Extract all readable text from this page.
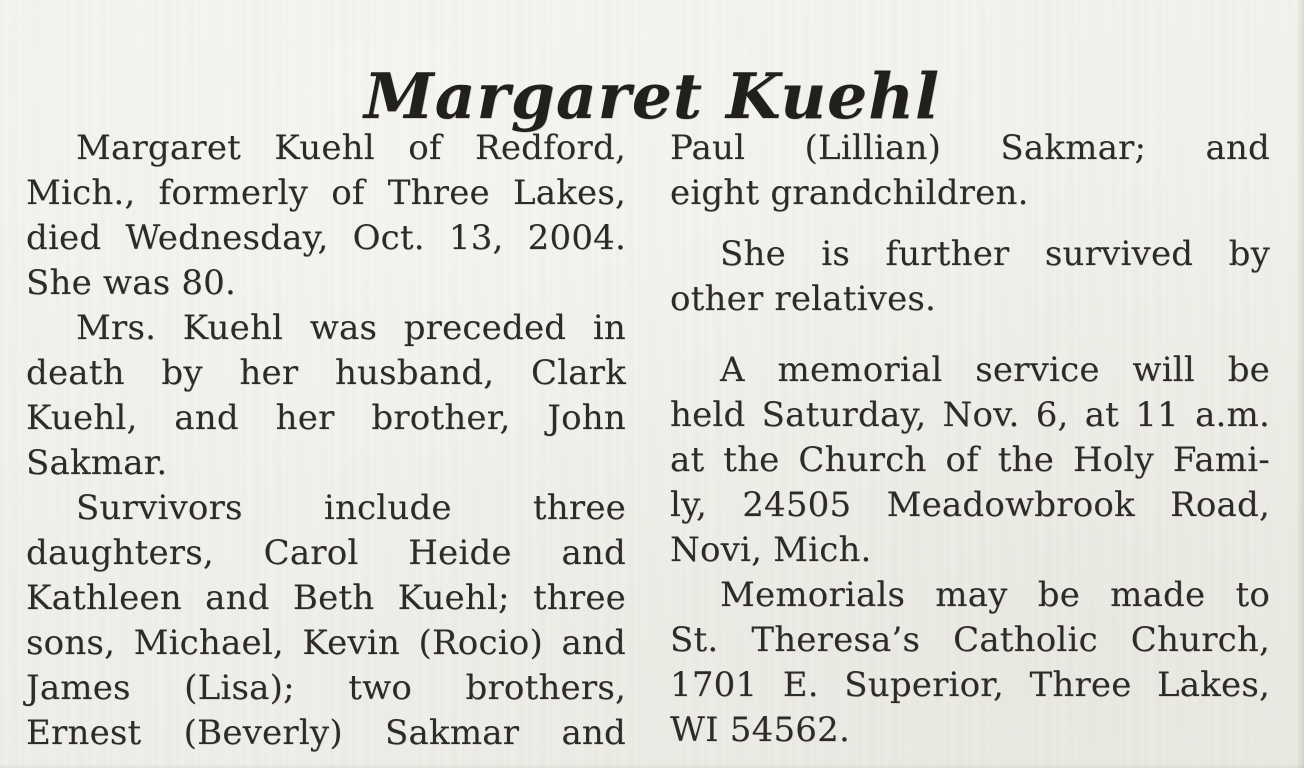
Margaret Kuehl
Margaret Kuehl of Redford,
Mich., formerly of Three Lakes,
died Wednesday, Oct. 13, 2004.
She was 80.
Mrs. Kuehl was preceded in
death by her husband, Clark
Kuehl, and her brother, John
Sakmar.
Survivors include three
daughters, Carol Heide and
Kathleen and Beth Kuehl; three
sons, Michael, Kevin (Rocio) and
James (Lisa); two brothers,
Ernest (Beverly) Sakmar and
Paul (Lillian) Sakmar; and
eight grandchildren.
She is further survived by
other relatives.
A memorial service will be
held Saturday, Nov. 6, at 11 a.m.
at the Church of the Holy Fami-
ly, 24505 Meadowbrook Road,
Novi, Mich.
Memorials may be made to
St. Theresa’s Catholic Church,
1701 E. Superior, Three Lakes,
WI 54562.
